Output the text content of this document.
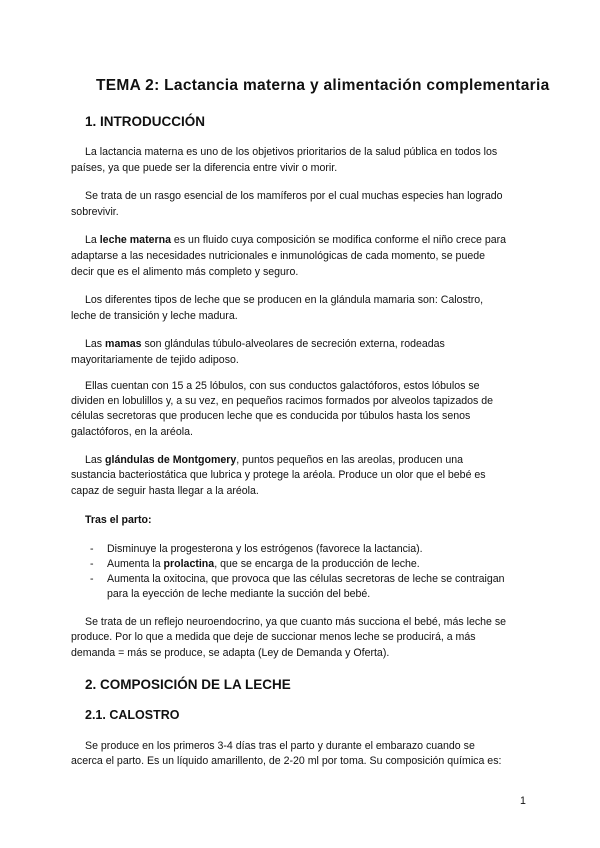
TEMA 2: Lactancia materna y alimentación complementaria
1
1. INTRODUCCIÓN
La lactancia materna es uno de los objetivos prioritarios de la salud pública en todos los
países, ya que puede ser la diferencia entre vivir o morir.
Se trata de un rasgo esencial de los mamíferos por el cual muchas especies han logrado
sobrevivir.
La leche materna es un fluido cuya composición se modifica conforme el niño crece para
adaptarse a las necesidades nutricionales e inmunológicas de cada momento, se puede
decir que es el alimento más completo y seguro.
Los diferentes tipos de leche que se producen en la glándula mamaria son: Calostro,
leche de transición y leche madura.
Las mamas son glándulas túbulo-alveolares de secreción externa, rodeadas
mayoritariamente de tejido adiposo.
Ellas cuentan con 15 a 25 lóbulos, con sus conductos galactóforos, estos lóbulos se
dividen en lobulillos y, a su vez, en pequeños racimos formados por alveolos tapizados de
células secretoras que producen leche que es conducida por túbulos hasta los senos
galactóforos, en la aréola.
Las glándulas de Montgomery, puntos pequeños en las areolas, producen una
sustancia bacteriostática que lubrica y protege la aréola. Produce un olor que el bebé es
capaz de seguir hasta llegar a la aréola.
Tras el parto:
Disminuye la progesterona y los estrógenos (favorece la lactancia).
-
Aumenta la prolactina, que se encarga de la producción de leche.
-
Aumenta la oxitocina, que provoca que las células secretoras de leche se contraigan
-
para la eyección de leche mediante la succión del bebé.
Se trata de un reflejo neuroendocrino, ya que cuanto más succiona el bebé, más leche se
produce. Por lo que a medida que deje de succionar menos leche se producirá, a más
demanda = más se produce, se adapta (Ley de Demanda y Oferta).
2. COMPOSICIÓN DE LA LECHE
2.1. CALOSTRO
Se produce en los primeros 3-4 días tras el parto y durante el embarazo cuando se
acerca el parto. Es un líquido amarillento, de 2-20 ml por toma. Su composición química es:
